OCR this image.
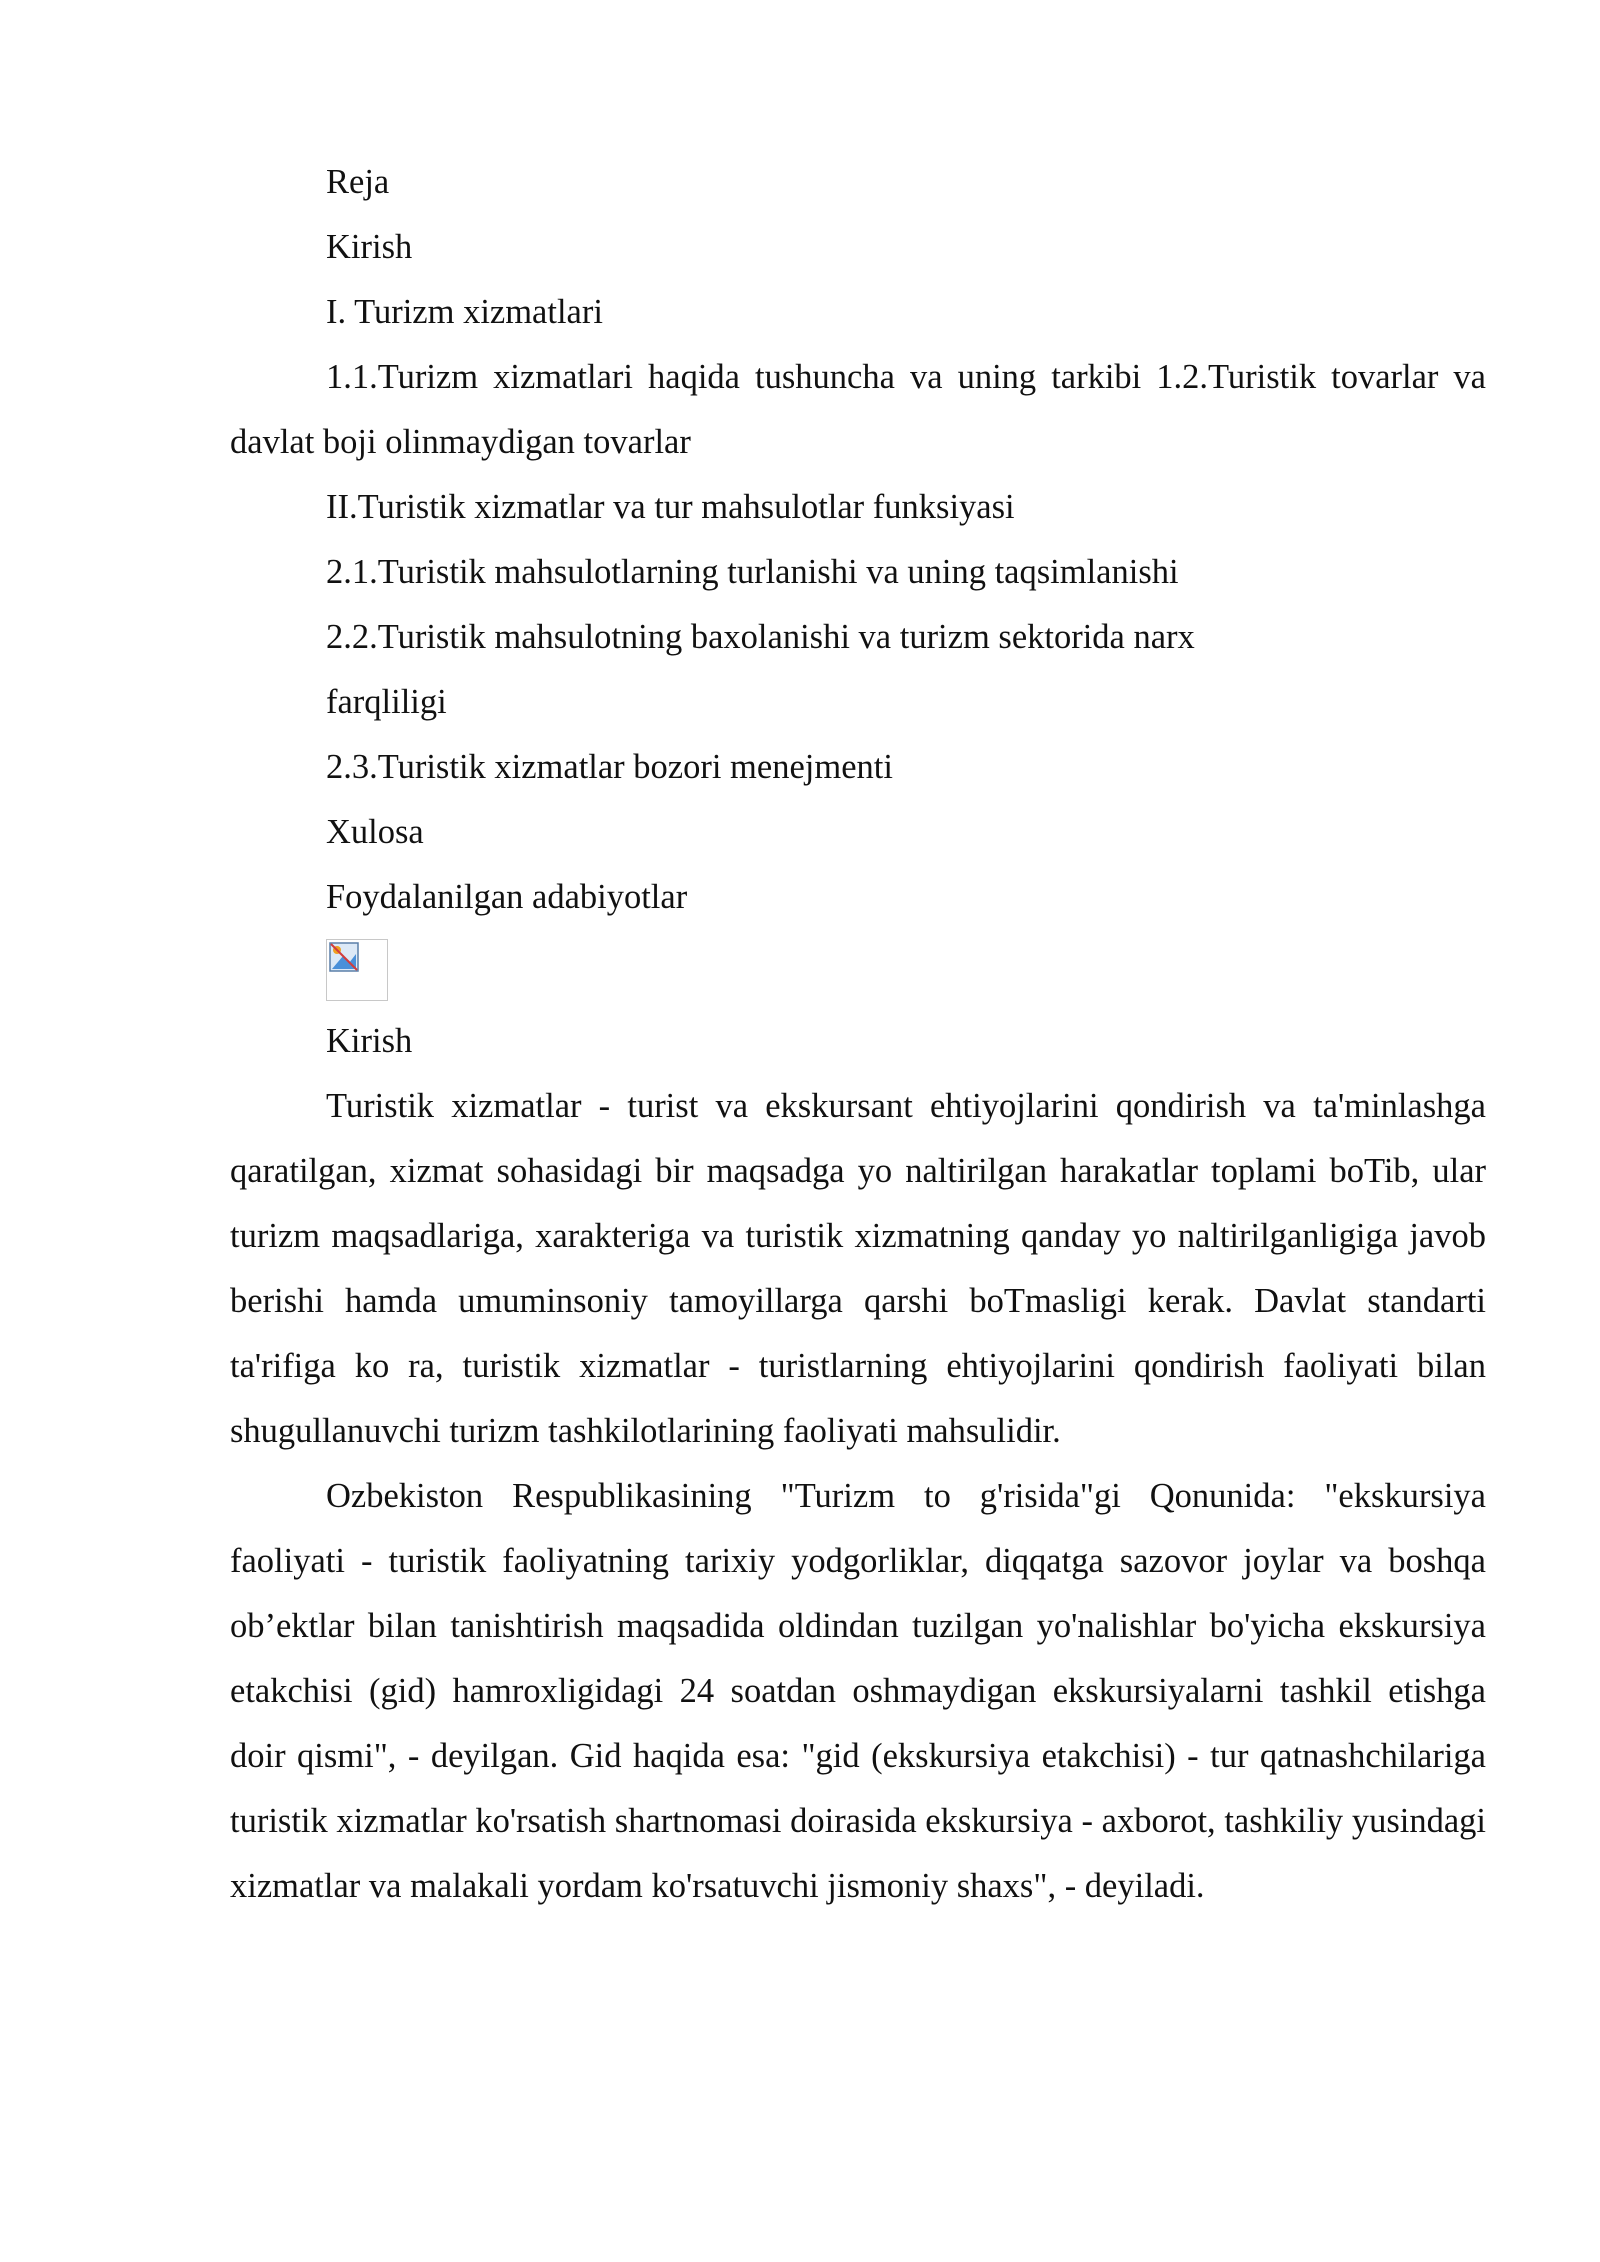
Reja

Kirish

I. Turizm xizmatlari

1.1.Turizm xizmatlari haqida tushuncha va uning tarkibi 1.2.Turistik tovarlar va davlat boji olinmaydigan tovarlar

II.Turistik xizmatlar va tur mahsulotlar funksiyasi

2.1.Turistik mahsulotlarning turlanishi va uning taqsimlanishi

2.2.Turistik mahsulotning baxolanishi va turizm sektorida narx

farqliligi

2.3.Turistik xizmatlar bozori menejmenti

Xulosa

Foydalanilgan adabiyotlar

Kirish

Turistik xizmatlar - turist va ekskursant ehtiyojlarini qondirish va ta'minlashga qaratilgan, xizmat sohasidagi bir maqsadga yo naltirilgan harakatlar toplami boTib, ular turizm maqsadlariga, xarakteriga va turistik xizmatning qanday yo naltirilganligiga javob berishi hamda umuminsoniy tamoyillarga qarshi boTmasligi kerak. Davlat standarti ta'rifiga ko ra, turistik xizmatlar - turistlarning ehtiyojlarini qondirish faoliyati bilan shugullanuvchi turizm tashkilotlarining faoliyati mahsulidir.

Ozbekiston Respublikasining "Turizm to g'risida"gi Qonunida: "ekskursiya faoliyati - turistik faoliyatning tarixiy yodgorliklar, diqqatga sazovor joylar va boshqa ob’ektlar bilan tanishtirish maqsadida oldindan tuzilgan yo'nalishlar bo'yicha ekskursiya etakchisi (gid) hamroxligidagi 24 soatdan oshmaydigan ekskursiyalarni tashkil etishga doir qismi", - deyilgan. Gid haqida esa: "gid (ekskursiya etakchisi) - tur qatnashchilariga turistik xizmatlar ko'rsatish shartnomasi doirasida ekskursiya - axborot, tashkiliy yusindagi xizmatlar va malakali yordam ko'rsatuvchi jismoniy shaxs", - deyiladi.
